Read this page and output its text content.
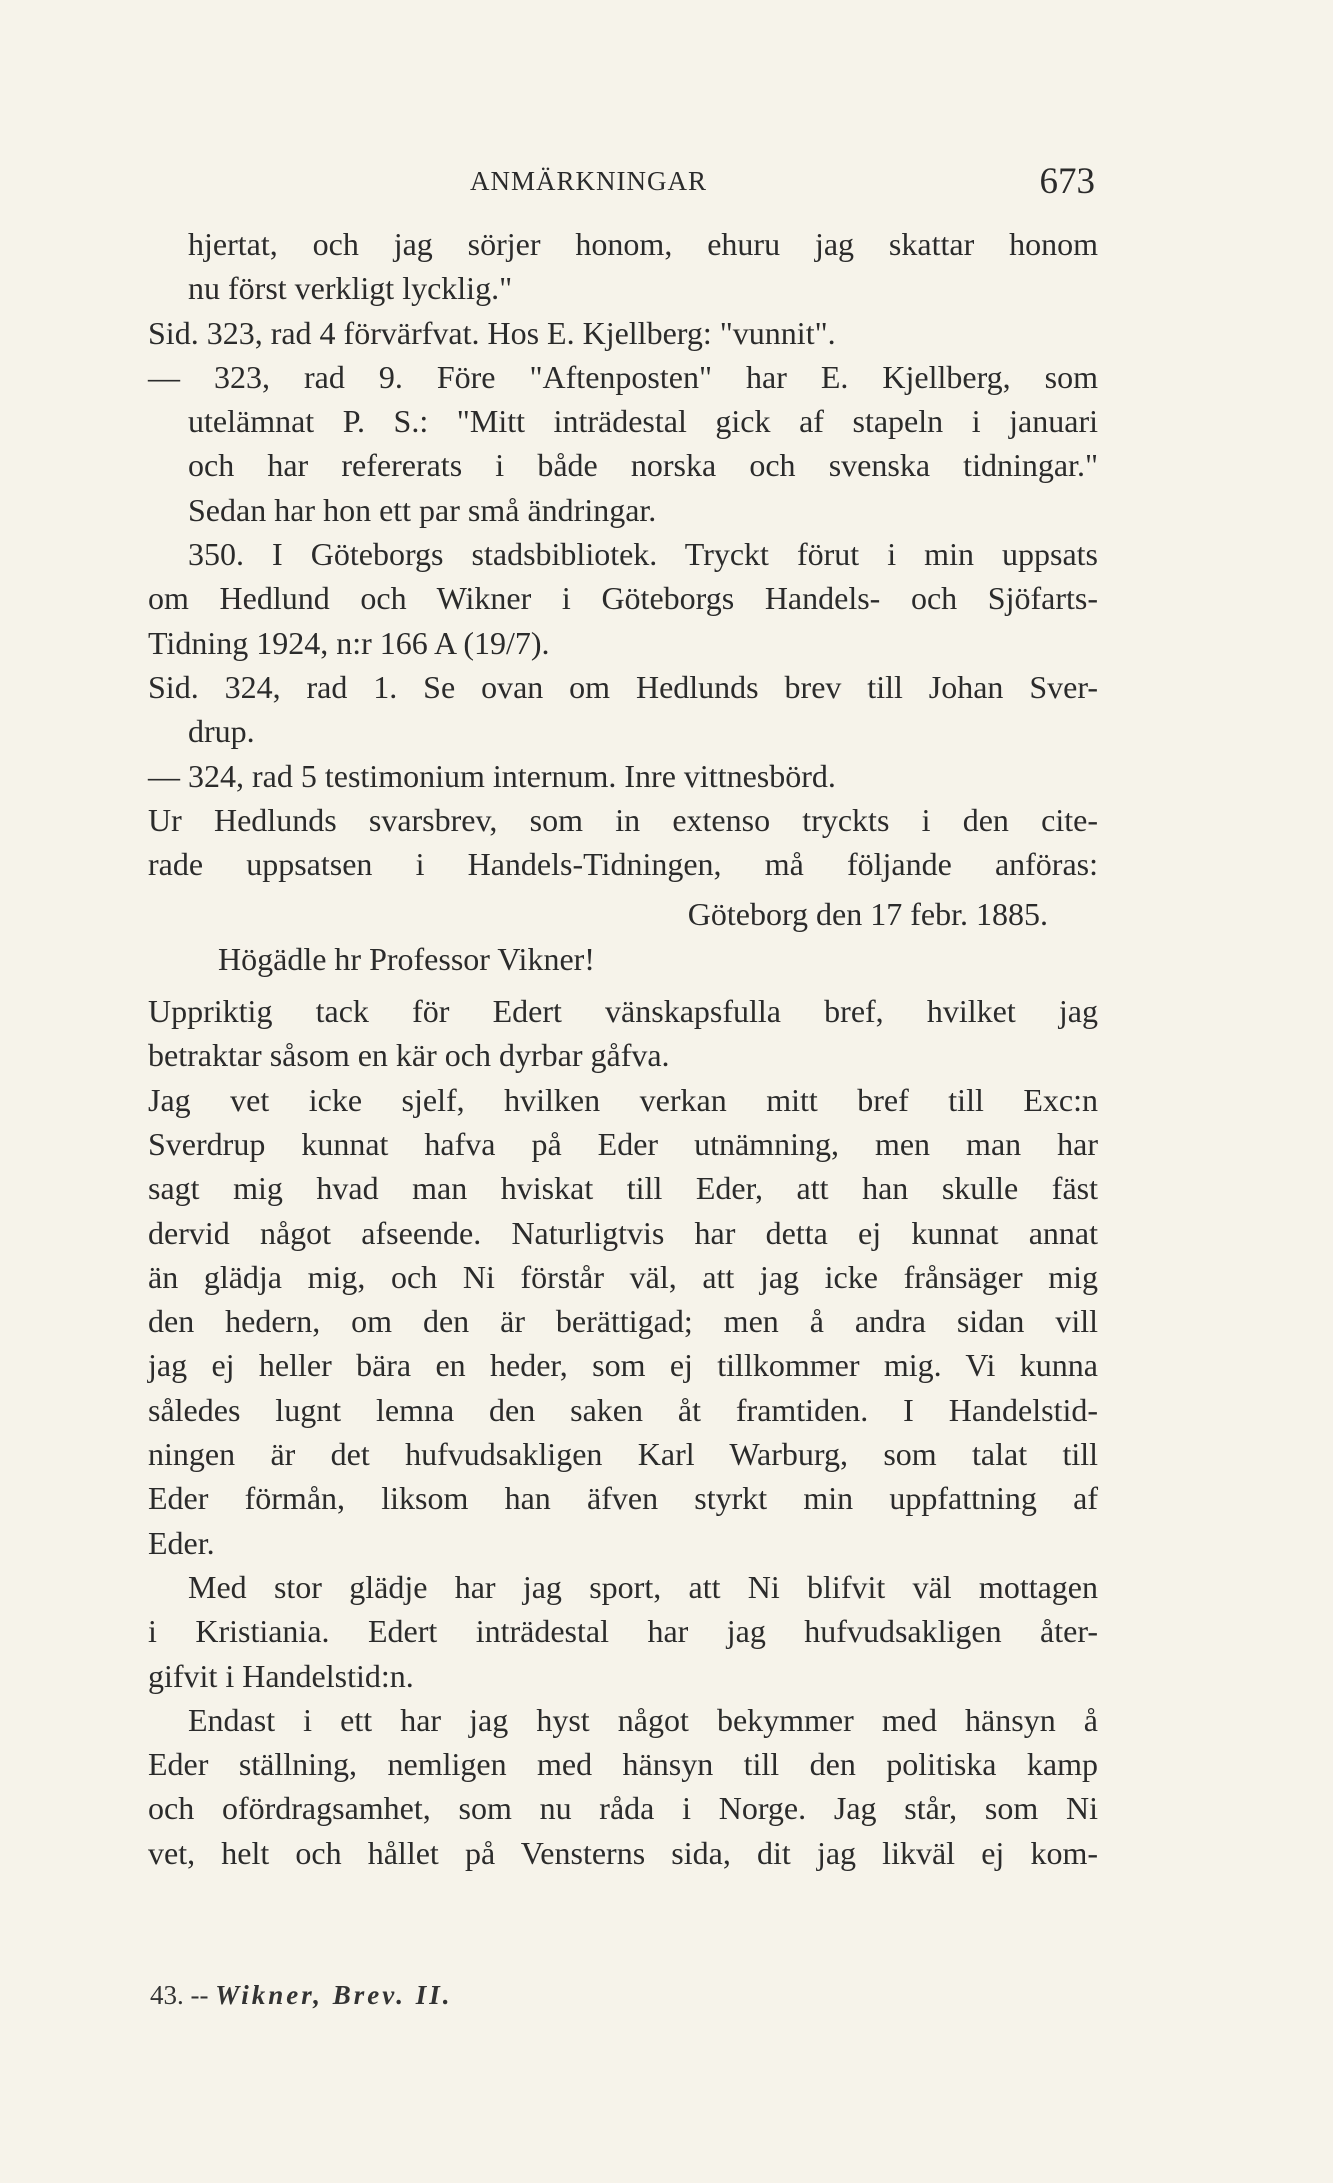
ANMÄRKNINGAR	673
hjertat, och jag sörjer honom, ehuru jag skattar honom
nu först verkligt lycklig."
Sid. 323, rad 4 förvärfvat. Hos E. Kjellberg: "vunnit".
— 323, rad 9. Före "Aftenposten" har E. Kjellberg, som
utelämnat P. S.: "Mitt inträdestal gick af stapeln i januari
och har refererats i både norska och svenska tidningar."
Sedan har hon ett par små ändringar.
350. I Göteborgs stadsbibliotek. Tryckt förut i min uppsats
om Hedlund och Wikner i Göteborgs Handels- och Sjöfarts-
Tidning 1924, n:r 166 A (19/7).
Sid. 324, rad 1. Se ovan om Hedlunds brev till Johan Sver-
drup.
— 324, rad 5 testimonium internum. Inre vittnesbörd.
Ur Hedlunds svarsbrev, som in extenso tryckts i den cite-
rade uppsatsen i Handels-Tidningen, må följande anföras:
Göteborg den 17 febr. 1885.
Högädle hr Professor Vikner!
Uppriktig tack för Edert vänskapsfulla bref, hvilket jag
betraktar såsom en kär och dyrbar gåfva.
Jag vet icke sjelf, hvilken verkan mitt bref till Exc:n
Sverdrup kunnat hafva på Eder utnämning, men man har
sagt mig hvad man hviskat till Eder, att han skulle fäst
dervid något afseende. Naturligtvis har detta ej kunnat annat
än glädja mig, och Ni förstår väl, att jag icke frånsäger mig
den hedern, om den är berättigad; men å andra sidan vill
jag ej heller bära en heder, som ej tillkommer mig. Vi kunna
således lugnt lemna den saken åt framtiden. I Handelstid-
ningen är det hufvudsakligen Karl Warburg, som talat till
Eder förmån, liksom han äfven styrkt min uppfattning af
Eder.
Med stor glädje har jag sport, att Ni blifvit väl mottagen
i Kristiania. Edert inträdestal har jag hufvudsakligen åter-
gifvit i Handelstid:n.
Endast i ett har jag hyst något bekymmer med hänsyn å
Eder ställning, nemligen med hänsyn till den politiska kamp
och ofördragsamhet, som nu råda i Norge. Jag står, som Ni
vet, helt och hållet på Vensterns sida, dit jag likväl ej kom-
43. -- Wikner, Brev. II.
